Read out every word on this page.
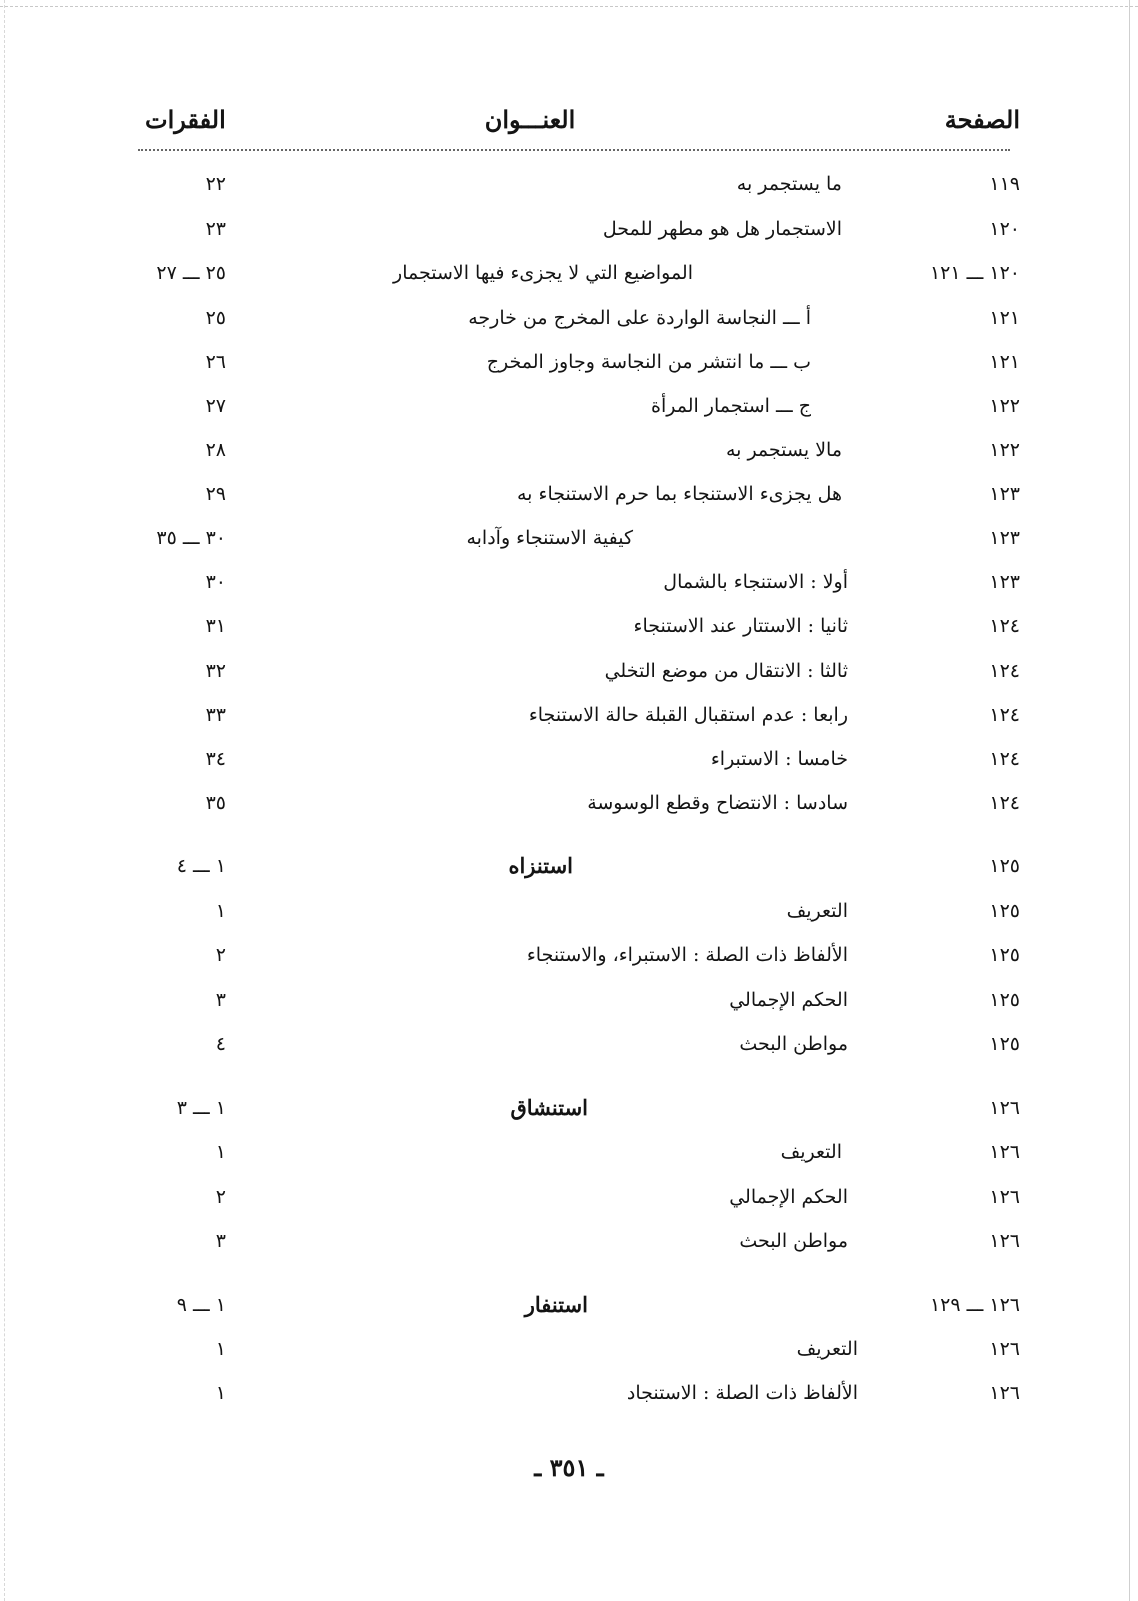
الصفحة
العنـــوان
الفقرات
١١٩
ما يستجمر به
٢٢
١٢٠
الاستجمار هل هو مطهر للمحل
٢٣
١٢٠ ـــ ١٢١
المواضيع التي لا يجزىء فيها الاستجمار
٢٥ ـــ ٢٧
١٢١
أ ـــ النجاسة الواردة على المخرج من خارجه
٢٥
١٢١
ب ـــ ما انتشر من النجاسة وجاوز المخرج
٢٦
١٢٢
ج ـــ استجمار المرأة
٢٧
١٢٢
مالا يستجمر به
٢٨
١٢٣
هل يجزىء الاستنجاء بما حرم الاستنجاء به
٢٩
١٢٣
كيفية الاستنجاء وآدابه
٣٠ ـــ ٣٥
١٢٣
أولا : الاستنجاء بالشمال
٣٠
١٢٤
ثانيا : الاستتار عند الاستنجاء
٣١
١٢٤
ثالثا : الانتقال من موضع التخلي
٣٢
١٢٤
رابعا : عدم استقبال القبلة حالة الاستنجاء
٣٣
١٢٤
خامسا : الاستبراء
٣٤
١٢٤
سادسا : الانتضاح وقطع الوسوسة
٣٥
١٢٥
استنزاه
١ ـــ ٤
١٢٥
التعريف
١
١٢٥
الألفاظ ذات الصلة : الاستبراء، والاستنجاء
٢
١٢٥
الحكم الإجمالي
٣
١٢٥
مواطن البحث
٤
١٢٦
استنشاق
١ ـــ ٣
١٢٦
التعريف
١
١٢٦
الحكم الإجمالي
٢
١٢٦
مواطن البحث
٣
١٢٦ ـــ ١٢٩
استنفار
١ ـــ ٩
١٢٦
التعريف
١
١٢٦
الألفاظ ذات الصلة : الاستنجاد
١
ـ ٣٥١ ـ
